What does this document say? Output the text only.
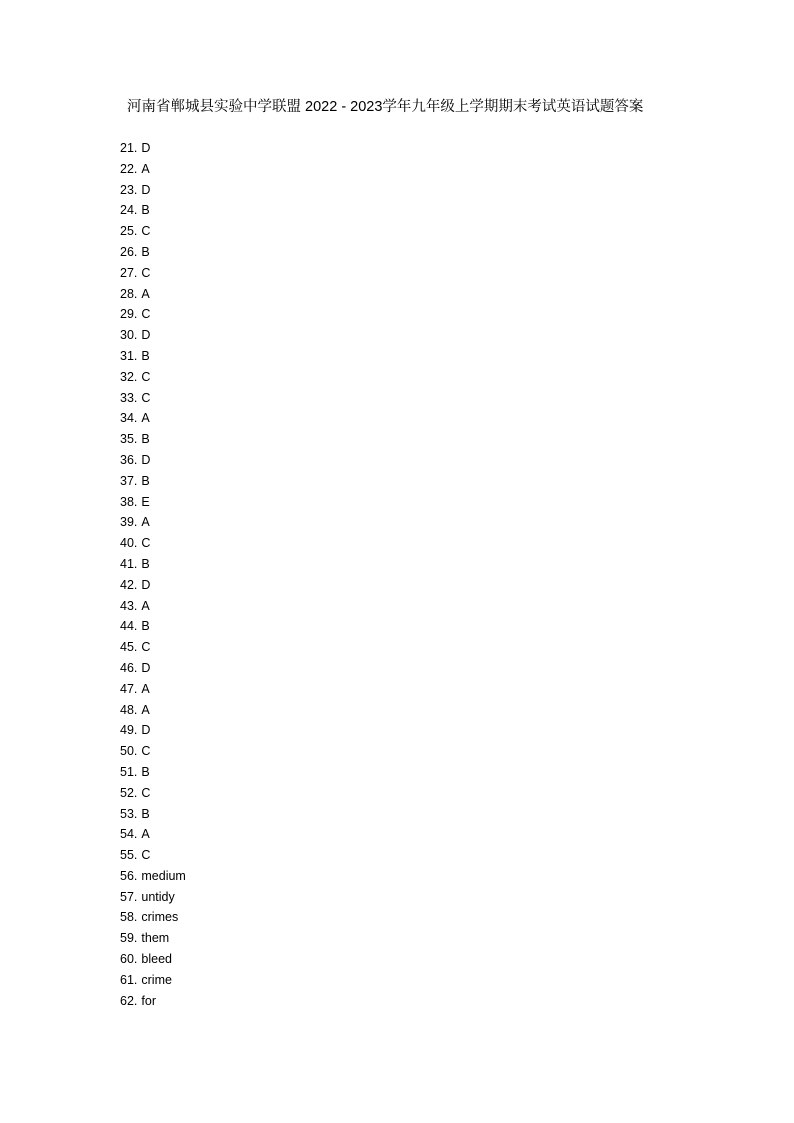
河南省郸城县实验中学联盟 2022 - 2023学年九年级上学期期末考试英语试题答案
21. D
22. A
23. D
24. B
25. C
26. B
27. C
28. A
29. C
30. D
31. B
32. C
33. C
34. A
35. B
36. D
37. B
38. E
39. A
40. C
41. B
42. D
43. A
44. B
45. C
46. D
47. A
48. A
49. D
50. C
51. B
52. C
53. B
54. A
55. C
56. medium
57. untidy
58. crimes
59. them
60. bleed
61. crime
62. for
